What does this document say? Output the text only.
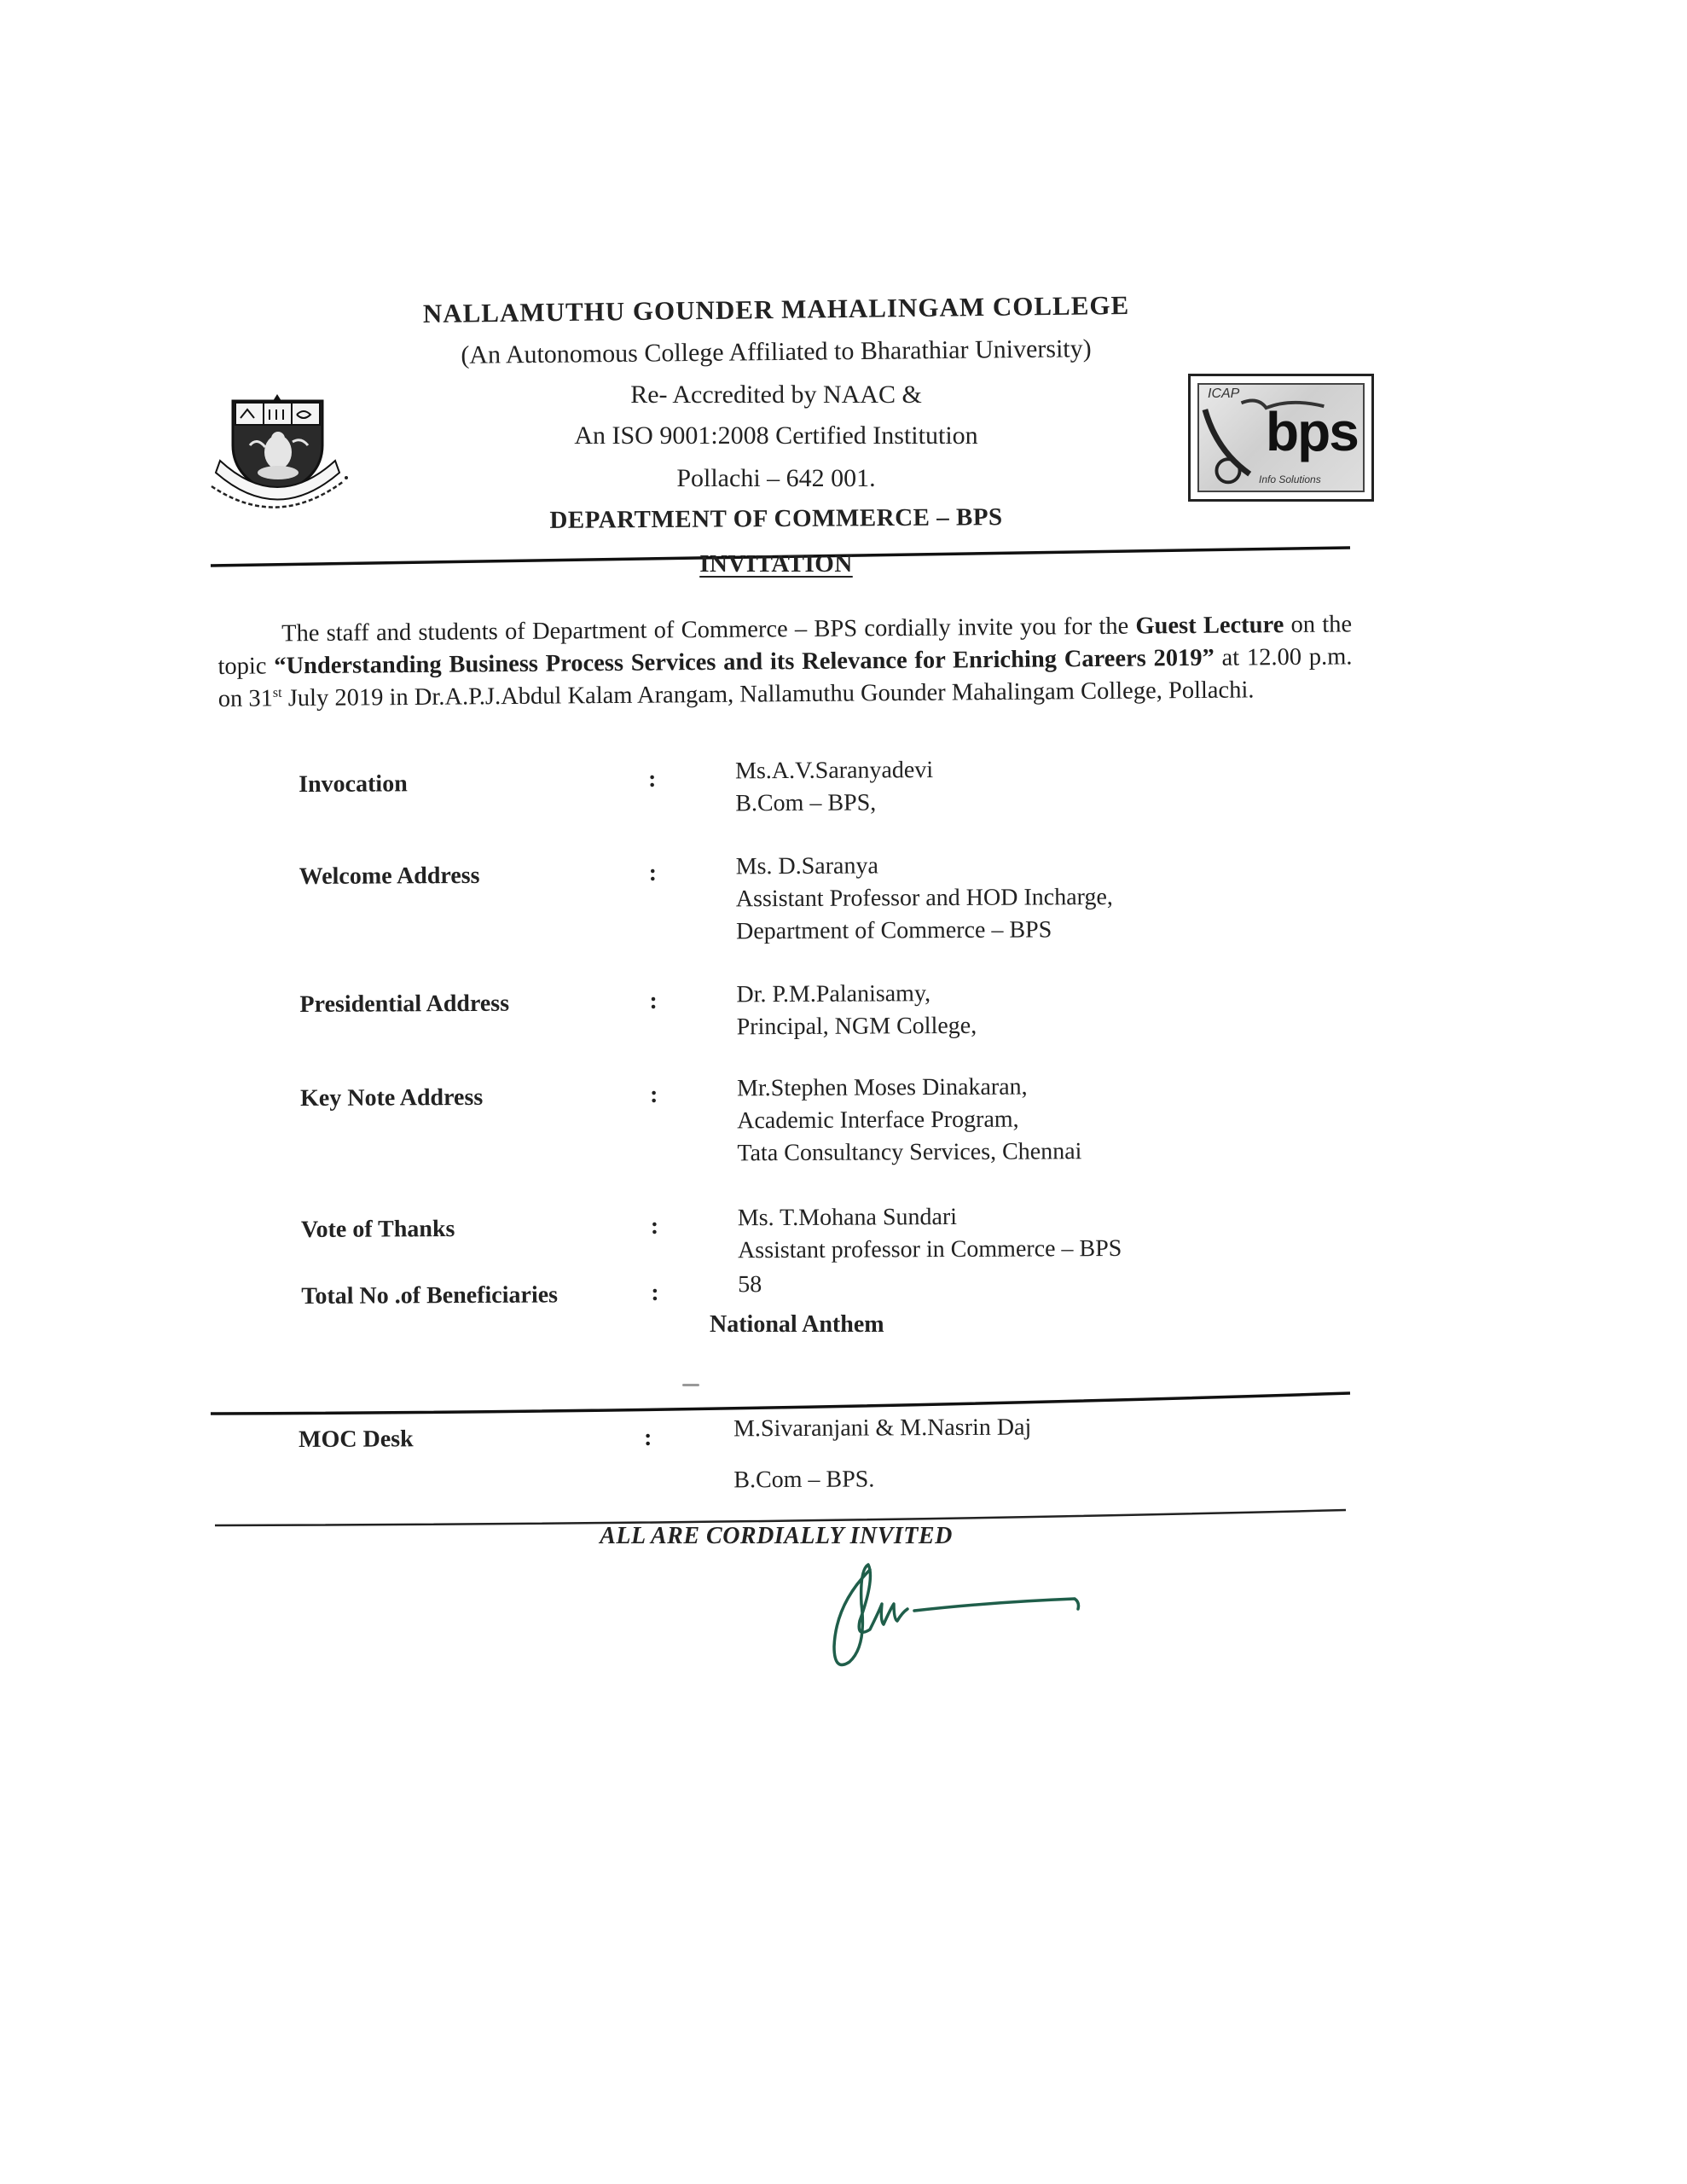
NALLAMUTHU GOUNDER MAHALINGAM COLLEGE
(An Autonomous College Affiliated to Bharathiar University)
Re- Accredited by NAAC &
An ISO 9001:2008 Certified Institution
Pollachi – 642 001.
DEPARTMENT OF COMMERCE – BPS
ICAP
bps
Info Solutions
INVITATION
The staff and students of Department of Commerce – BPS cordially invite you for the Guest Lecture on the topic “Understanding Business Process Services and its Relevance for Enriching Careers 2019” at 12.00 p.m. on 31st July 2019 in Dr.A.P.J.Abdul Kalam Arangam, Nallamuthu Gounder Mahalingam College, Pollachi.
Invocation	:	Ms.A.V.Saranyadevi
B.Com – BPS,
Welcome Address	:	Ms. D.Saranya
Assistant Professor and HOD Incharge,
Department of Commerce – BPS
Presidential Address	:	Dr. P.M.Palanisamy,
Principal, NGM College,
Key Note Address	:	Mr.Stephen Moses Dinakaran,
Academic Interface Program,
Tata Consultancy Services, Chennai
Vote of Thanks	:	Ms. T.Mohana Sundari
Assistant professor in Commerce – BPS
Total No .of Beneficiaries	:	58
National Anthem
MOC Desk	:	M.Sivaranjani & M.Nasrin Daj
B.Com – BPS.
ALL ARE CORDIALLY INVITED
